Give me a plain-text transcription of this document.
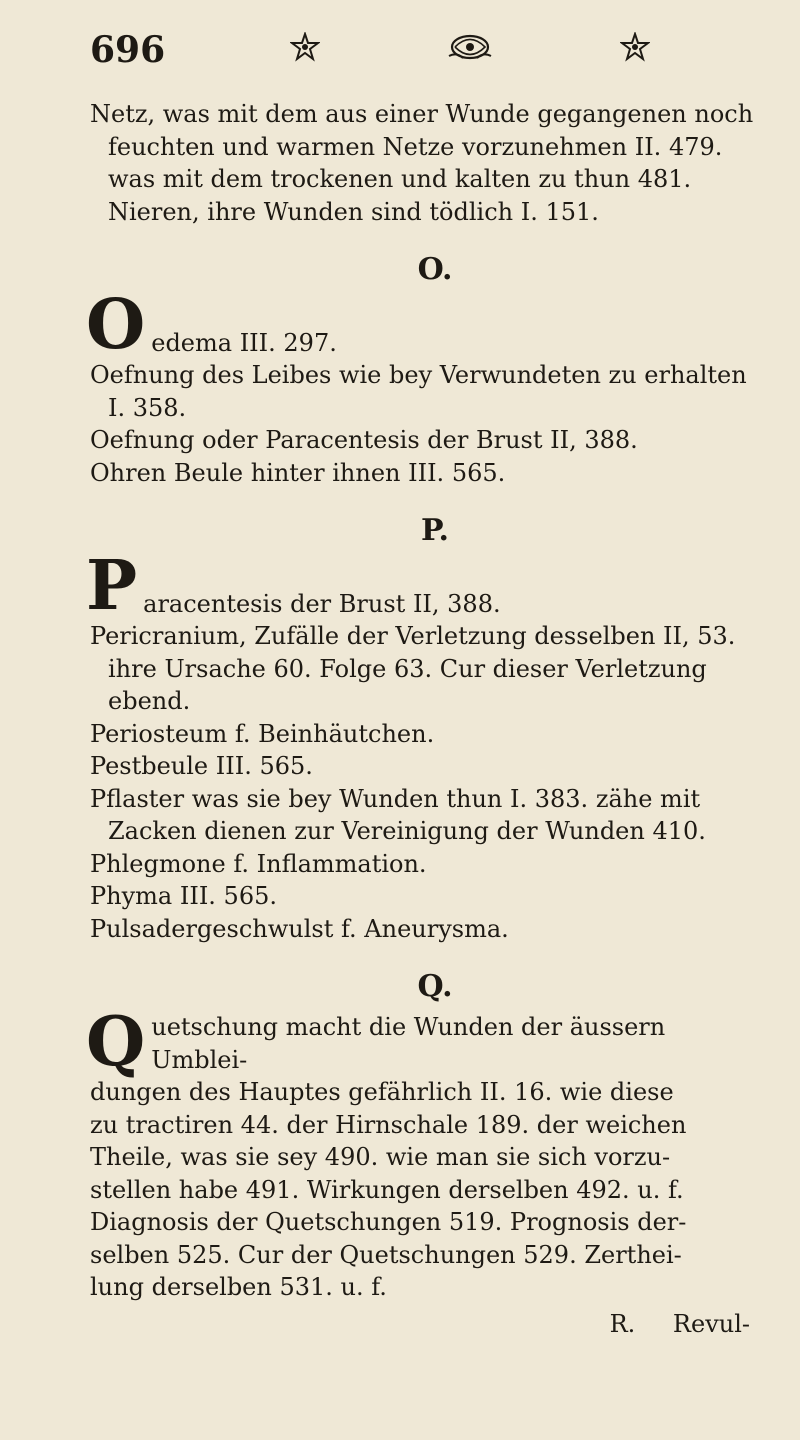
696

Netz, was mit dem aus einer Wunde gegangenen noch
feuchten und warmen Netze vorzunehmen II. 479.
was mit dem trockenen und kalten zu thun 481.
Nieren, ihre Wunden sind tödlich I. 151.

O.

O edema III. 297.

Oefnung des Leibes wie bey Verwundeten zu erhalten
I. 358.

Oefnung oder Paracentesis der Brust II, 388.

Ohren Beule hinter ihnen III. 565.

P.

P aracentesis der Brust II, 388.

Pericranium, Zufälle der Verletzung desselben II, 53.
ihre Ursache 60. Folge 63. Cur dieser Verletzung
ebend.

Periosteum f. Beinhäutchen.

Pestbeule III. 565.

Pflaster was sie bey Wunden thun I. 383. zähe mit
Zacken dienen zur Vereinigung der Wunden 410.

Phlegmone f. Inflammation.

Phyma III. 565.

Pulsadergeschwulst f. Aneurysma.

Q.

Q uetschung macht die Wunden der äussern Umblei-
dungen des Hauptes gefährlich II. 16. wie diese
zu tractiren 44. der Hirnschale 189. der weichen
Theile, was sie sey 490. wie man sie sich vorzu-
stellen habe 491. Wirkungen derselben 492. u. f.
Diagnosis der Quetschungen 519. Prognosis der-
selben 525. Cur der Quetschungen 529. Zerthei-
lung derselben 531. u. f.

R. Revul-
